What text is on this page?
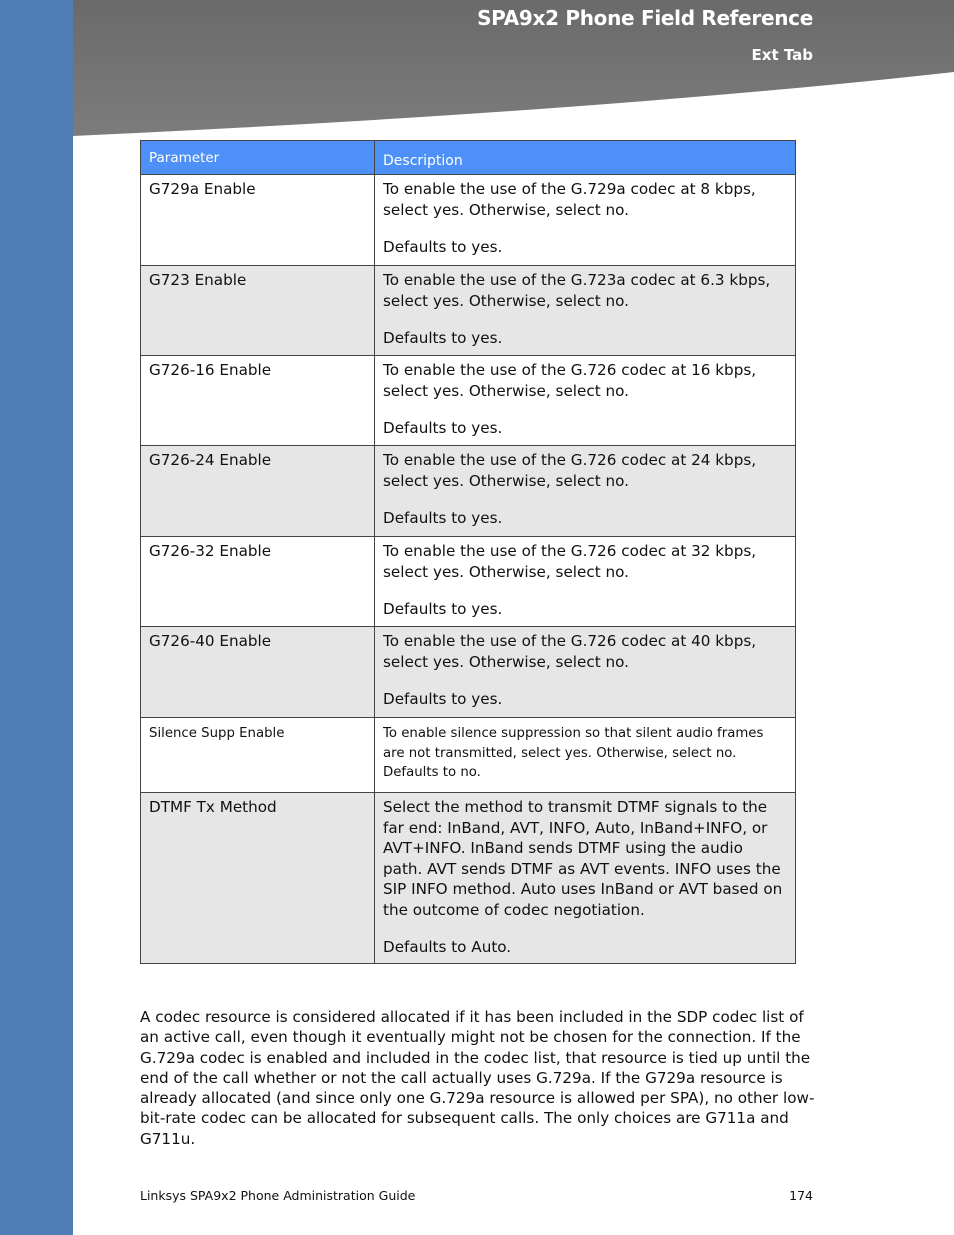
SPA9x2 Phone Field Reference
Ext Tab
Parameter	Description
G729a Enable	To enable the use of the G.729a codec at 8 kbps, select yes. Otherwise, select no.

Defaults to yes.

G723 Enable	To enable the use of the G.723a codec at 6.3 kbps, select yes. Otherwise, select no.

Defaults to yes.

G726-16 Enable	To enable the use of the G.726 codec at 16 kbps, select yes. Otherwise, select no.

Defaults to yes.

G726-24 Enable	To enable the use of the G.726 codec at 24 kbps, select yes. Otherwise, select no.

Defaults to yes.

G726-32 Enable	To enable the use of the G.726 codec at 32 kbps, select yes. Otherwise, select no.

Defaults to yes.

G726-40 Enable	To enable the use of the G.726 codec at 40 kbps, select yes. Otherwise, select no.

Defaults to yes.

Silence Supp Enable	To enable silence suppression so that silent audio frames are not transmitted, select yes. Otherwise, select no.

Defaults to no.

DTMF Tx Method	Select the method to transmit DTMF signals to the far end: InBand, AVT, INFO, Auto, InBand+INFO, or AVT+INFO. InBand sends DTMF using the audio path. AVT sends DTMF as AVT events. INFO uses the SIP INFO method. Auto uses InBand or AVT based on the outcome of codec negotiation.

Defaults to Auto.

A codec resource is considered allocated if it has been included in the SDP codec list of an active call, even though it eventually might not be chosen for the connection. If the G.729a codec is enabled and included in the codec list, that resource is tied up until the end of the call whether or not the call actually uses G.729a. If the G729a resource is already allocated (and since only one G.729a resource is allowed per SPA), no other low-bit-rate codec can be allocated for subsequent calls. The only choices are G711a and G711u.

Linksys SPA9x2 Phone Administration Guide	174
